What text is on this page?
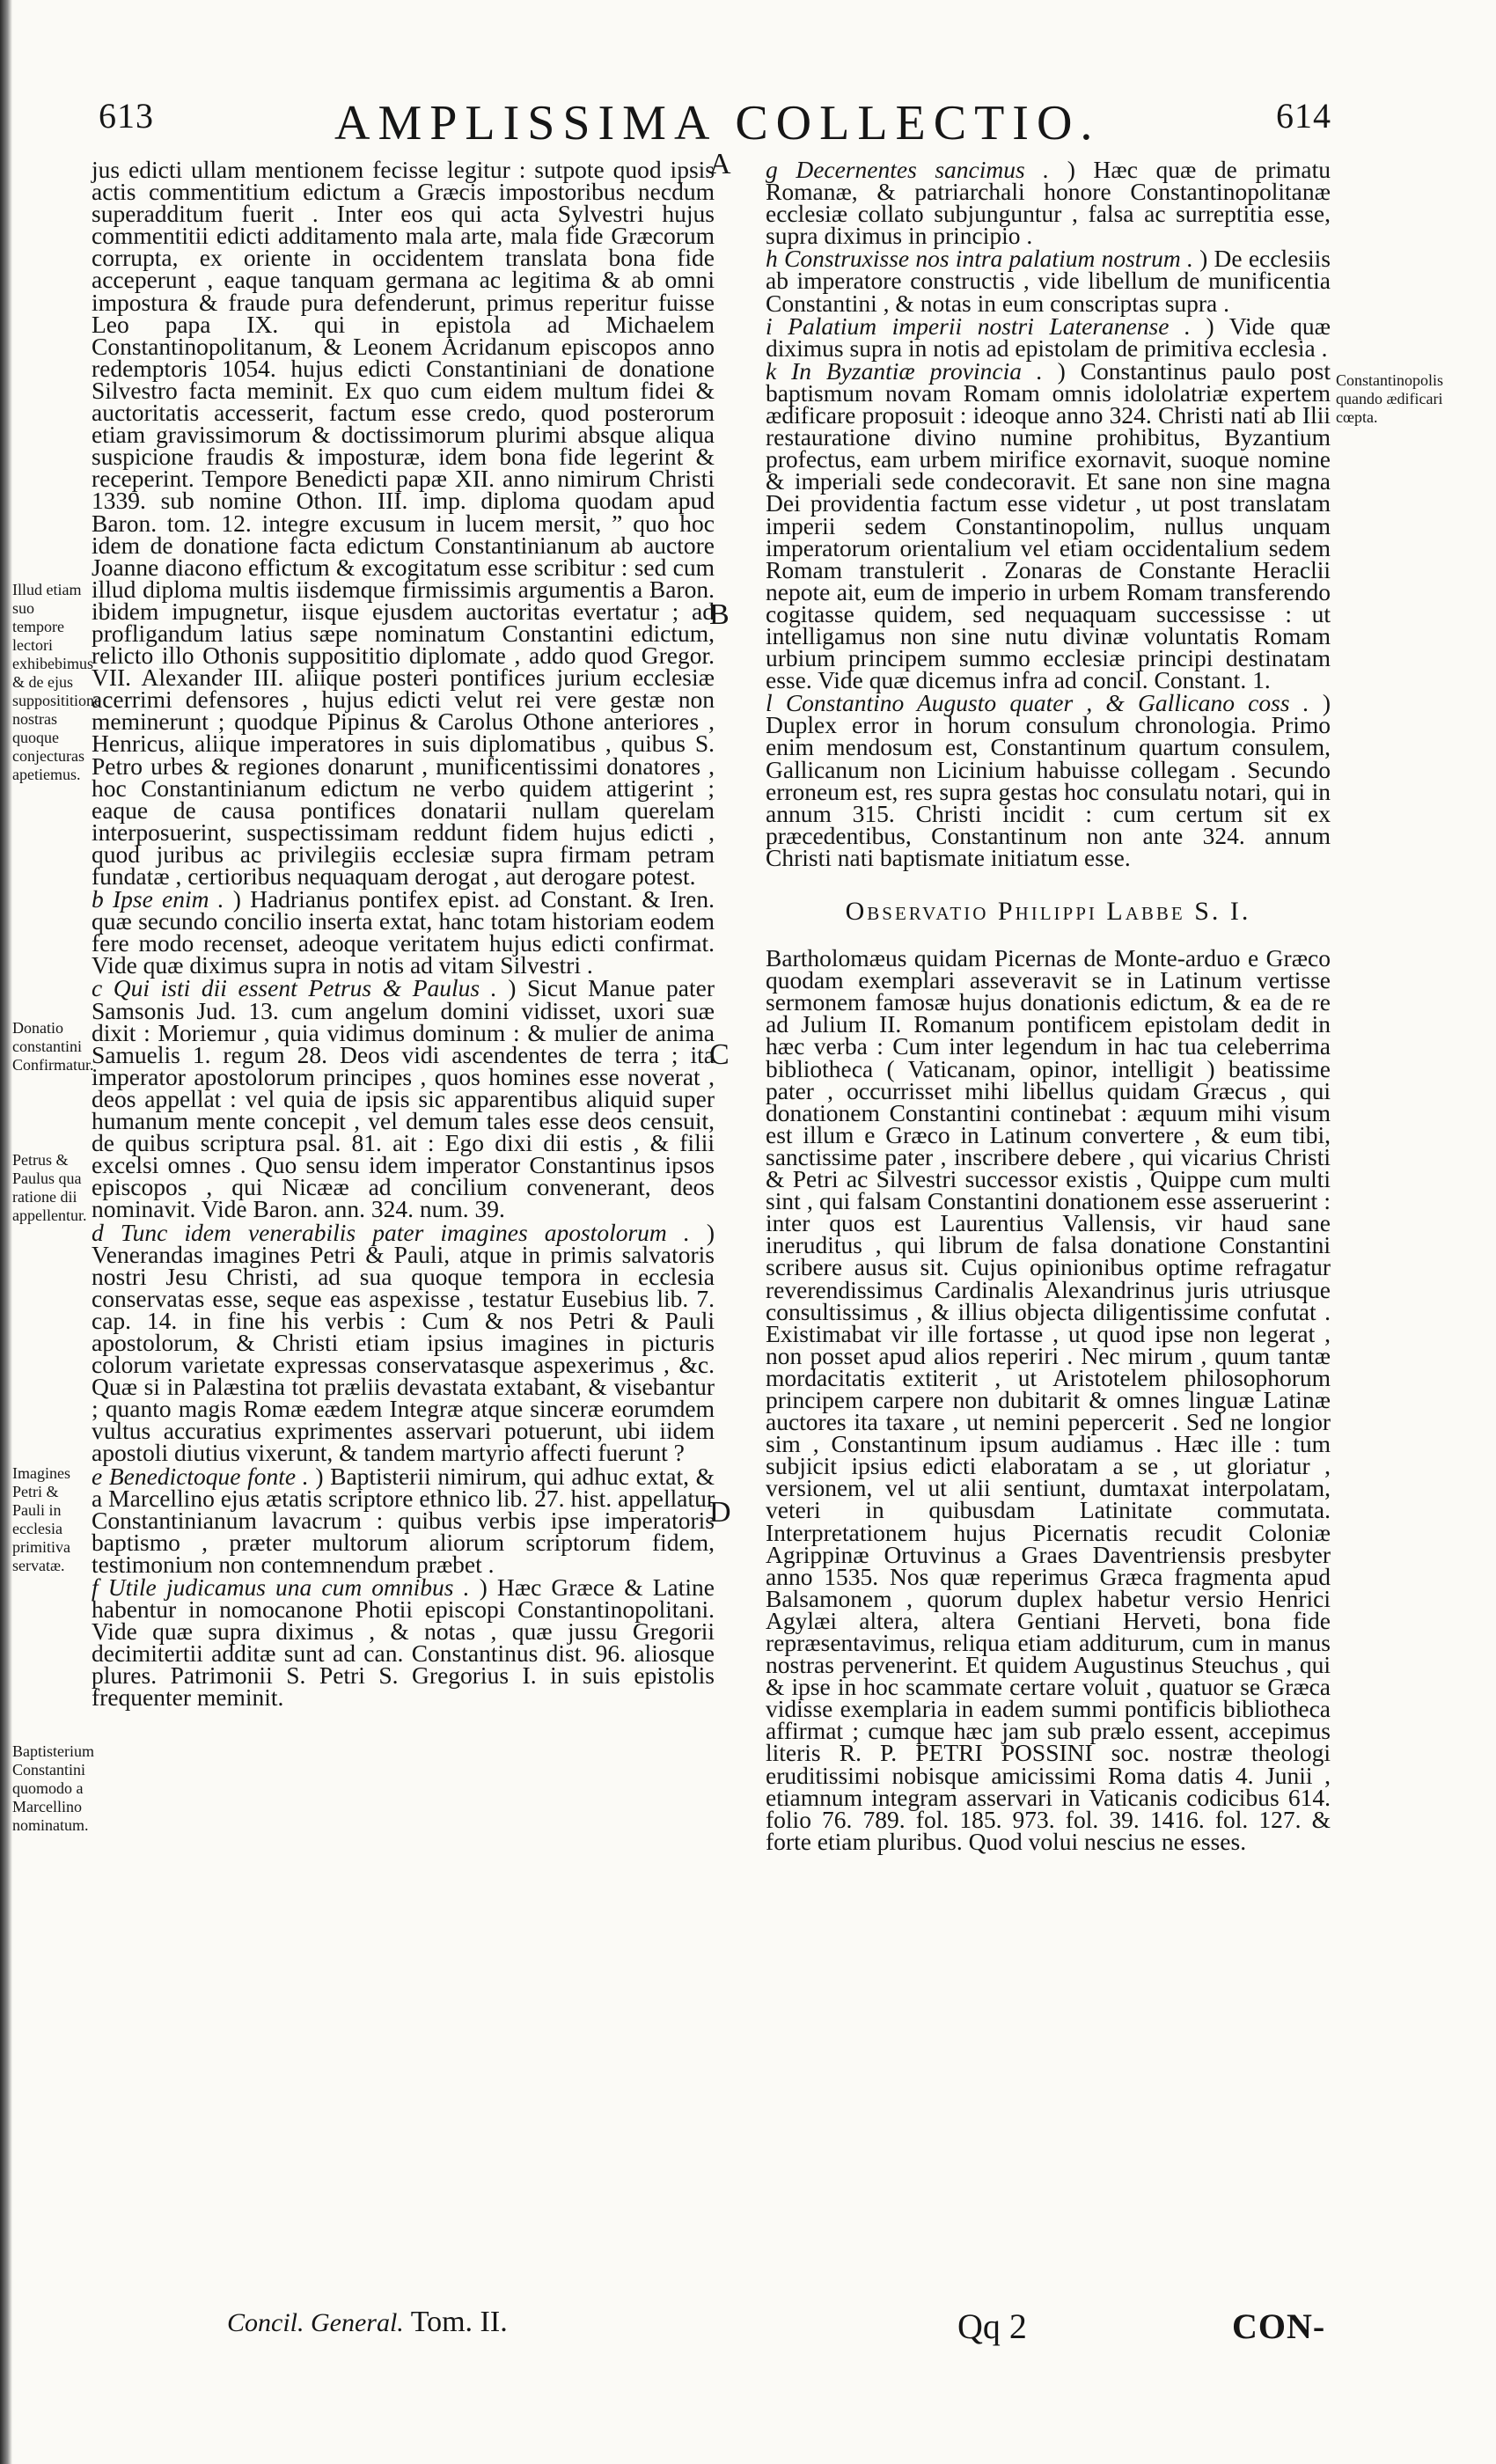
613	AMPLISSIMA COLLECTIO.	614

jus edicti ullam mentionem fecisse legitur : sutpote quod ipsis actis commentitium edictum a Græcis impostoribus necdum superadditum fuerit . Inter eos qui acta Sylvestri hujus commentitii edicti additamento mala arte, mala fide Græcorum corrupta, ex oriente in occidentem translata bona fide acceperunt , eaque tanquam germana ac legitima & ab omni impostura & fraude pura defenderunt, primus reperitur fuisse Leo papa IX. qui in epistola ad Michaelem Constantinopolitanum, & Leonem Acridanum episcopos anno redemptoris 1054. hujus edicti Constantiniani de donatione Silvestro facta meminit. Ex quo cum eidem multum fidei & auctoritatis accesserit, factum esse credo, quod posterorum etiam gravissimorum & doctissimorum plurimi absque aliqua suspicione fraudis & imposturæ, idem bona fide legerint & receperint. Tempore Benedicti papæ XII. anno nimirum Christi 1339. sub nomine Othon. III. imp. diploma quodam apud Baron. tom. 12. integre excusum in lucem mersit, ” quo hoc idem de donatione facta edictum Constantinianum ab auctore Joanne diacono effictum & excogitatum esse scribitur : sed cum illud diploma multis iisdemque firmissimis argumentis a Baron. ibidem impugnetur, iisque ejusdem auctoritas evertatur ; ad profligandum latius sæpe nominatum Constantini edictum, relicto illo Othonis supposititio diplomate , addo quod Gregor. VII. Alexander III. aliique posteri pontifices jurium ecclesiæ acerrimi defensores , hujus edicti velut rei vere gestæ non meminerunt ; quodque Pipinus & Carolus Othone anteriores , Henricus, aliique imperatores in suis diplomatibus , quibus S. Petro urbes & regiones donarunt , munificentissimi donatores , hoc Constantinianum edictum ne verbo quidem attigerint ; eaque de causa pontifices donatarii nullam querelam interposuerint, suspectissimam reddunt fidem hujus edicti , quod juribus ac privilegiis ecclesiæ supra firmam petram fundatæ , certioribus nequaquam derogat , aut derogare potest.

b Ipse enim . ) Hadrianus pontifex epist. ad Constant. & Iren. quæ secundo concilio inserta extat, hanc totam historiam eodem fere modo recenset, adeoque veritatem hujus edicti confirmat. Vide quæ diximus supra in notis ad vitam Silvestri .

c Qui isti dii essent Petrus & Paulus . ) Sicut Manue pater Samsonis Jud. 13. cum angelum domini vidisset, uxori suæ dixit : Moriemur , quia vidimus dominum : & mulier de anima Samuelis 1. regum 28. Deos vidi ascendentes de terra ; ita imperator apostolorum principes , quos homines esse noverat , deos appellat : vel quia de ipsis sic apparentibus aliquid super humanum mente concepit , vel demum tales esse deos censuit, de quibus scriptura psal. 81. ait : Ego dixi dii estis , & filii excelsi omnes . Quo sensu idem imperator Constantinus ipsos episcopos , qui Nicææ ad concilium convenerant, deos nominavit. Vide Baron. ann. 324. num. 39.

d Tunc idem venerabilis pater imagines apostolorum . ) Venerandas imagines Petri & Pauli, atque in primis salvatoris nostri Jesu Christi, ad sua quoque tempora in ecclesia conservatas esse, seque eas aspexisse , testatur Eusebius lib. 7. cap. 14. in fine his verbis : Cum & nos Petri & Pauli apostolorum, & Christi etiam ipsius imagines in picturis colorum varietate expressas conservatasque aspexerimus , &c. Quæ si in Palæstina tot præliis devastata extabant, & visebantur ; quanto magis Romæ eædem Integræ atque sinceræ eorumdem vultus accuratius exprimentes asservari potuerunt, ubi iidem apostoli diutius vixerunt, & tandem martyrio affecti fuerunt ?

e Benedictoque fonte . ) Baptisterii nimirum, qui adhuc extat, & a Marcellino ejus ætatis scriptore ethnico lib. 27. hist. appellatur Constantinianum lavacrum : quibus verbis ipse imperatoris baptismo , præter multorum aliorum scriptorum fidem, testimonium non contemnendum præbet .

f Utile judicamus una cum omnibus . ) Hæc Græce & Latine habentur in nomocanone Photii episcopi Constantinopolitani. Vide quæ supra diximus , & notas , quæ jussu Gregorii decimitertii additæ sunt ad can. Constantinus dist. 96. aliosque plures. Patrimonii S. Petri S. Gregorius I. in suis epistolis frequenter meminit.

g Decernentes sancimus . ) Hæc quæ de primatu Romanæ, & patriarchali honore Constantinopolitanæ ecclesiæ collato subjunguntur , falsa ac surreptitia esse, supra diximus in principio .

h Construxisse nos intra palatium nostrum . ) De ecclesiis ab imperatore constructis , vide libellum de munificentia Constantini , & notas in eum conscriptas supra .

i Palatium imperii nostri Lateranense . ) Vide quæ diximus supra in notis ad epistolam de primitiva ecclesia .

k In Byzantiæ provincia . ) Constantinus paulo post baptismum novam Romam omnis idololatriæ expertem ædificare proposuit : ideoque anno 324. Christi nati ab Ilii restauratione divino numine prohibitus, Byzantium profectus, eam urbem mirifice exornavit, suoque nomine & imperiali sede condecoravit. Et sane non sine magna Dei providentia factum esse videtur , ut post translatam imperii sedem Constantinopolim, nullus unquam imperatorum orientalium vel etiam occidentalium sedem Romam transtulerit . Zonaras de Constante Heraclii nepote ait, eum de imperio in urbem Romam transferendo cogitasse quidem, sed nequaquam successisse : ut intelligamus non sine nutu divinæ voluntatis Romam urbium principem summo ecclesiæ principi destinatam esse. Vide quæ dicemus infra ad concil. Constant. 1.

l Constantino Augusto quater , & Gallicano coss . ) Duplex error in horum consulum chronologia. Primo enim mendosum est, Constantinum quartum consulem, Gallicanum non Licinium habuisse collegam . Secundo erroneum est, res supra gestas hoc consulatu notari, qui in annum 315. Christi incidit : cum certum sit ex præcedentibus, Constantinum non ante 324. annum Christi nati baptismate initiatum esse.

Observatio Philippi Labbe S. I.

Bartholomæus quidam Picernas de Monte-arduo e Græco quodam exemplari asseveravit se in Latinum vertisse sermonem famosæ hujus donationis edictum, & ea de re ad Julium II. Romanum pontificem epistolam dedit in hæc verba : Cum inter legendum in hac tua celeberrima bibliotheca ( Vaticanam, opinor, intelligit ) beatissime pater , occurrisset mihi libellus quidam Græcus , qui donationem Constantini continebat : æquum mihi visum est illum e Græco in Latinum convertere , & eum tibi, sanctissime pater , inscribere debere , qui vicarius Christi & Petri ac Silvestri successor existis , Quippe cum multi sint , qui falsam Constantini donationem esse asseruerint : inter quos est Laurentius Vallensis, vir haud sane ineruditus , qui librum de falsa donatione Constantini scribere ausus sit. Cujus opinionibus optime refragatur reverendissimus Cardinalis Alexandrinus juris utriusque consultissimus , & illius objecta diligentissime confutat . Existimabat vir ille fortasse , ut quod ipse non legerat , non posset apud alios reperiri . Nec mirum , quum tantæ mordacitatis extiterit , ut Aristotelem philosophorum principem carpere non dubitarit & omnes linguæ Latinæ auctores ita taxare , ut nemini pepercerit . Sed ne longior sim , Constantinum ipsum audiamus . Hæc ille : tum subjicit ipsius edicti elaboratam a se , ut gloriatur , versionem, vel ut alii sentiunt, dumtaxat interpolatam, veteri in quibusdam Latinitate commutata. Interpretationem hujus Picernatis recudit Coloniæ Agrippinæ Ortuvinus a Graes Daventriensis presbyter anno 1535. Nos quæ reperimus Græca fragmenta apud Balsamonem , quorum duplex habetur versio Henrici Agylæi altera, altera Gentiani Herveti, bona fide repræsentavimus, reliqua etiam additurum, cum in manus nostras pervenerint. Et quidem Augustinus Steuchus , qui & ipse in hoc scammate certare voluit , quatuor se Græca vidisse exemplaria in eadem summi pontificis bibliotheca affirmat ; cumque hæc jam sub prælo essent, accepimus literis R. P. PETRI POSSINI soc. nostræ theologi eruditissimi nobisque amicissimi Roma datis 4. Junii , etiamnum integram asservari in Vaticanis codicibus 614. folio 76. 789. fol. 185. 973. fol. 39. 1416. fol. 127. & forte etiam pluribus. Quod volui nescius ne esses.

Illud etiam suo tempore lectori exhibebimus & de ejus supposititione nostras quoque conjecturas apetiemus.
Donatio constantini Confirmatur.
Petrus & Paulus qua ratione dii appellentur.
Imagines Petri & Pauli in ecclesia primitiva servatæ.
Baptisterium Constantini quomodo a Marcellino nominatum.
Constantinopolis quando ædificari cœpta.
A
B
C
D
Concil. General. Tom. II.	Qq 2	CON-
